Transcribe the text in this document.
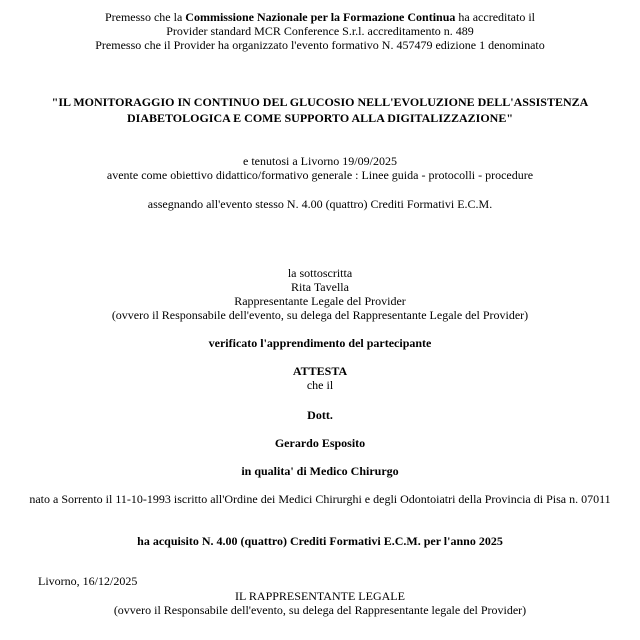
Premesso che la Commissione Nazionale per la Formazione Continua ha accreditato il

Provider standard MCR Conference S.r.l. accreditamento n. 489

Premesso che il Provider ha organizzato l'evento formativo N. 457479 edizione 1 denominato

"IL MONITORAGGIO IN CONTINUO DEL GLUCOSIO NELL'EVOLUZIONE DELL'ASSISTENZA DIABETOLOGICA E COME SUPPORTO ALLA DIGITALIZZAZIONE"

e tenutosi a Livorno 19/09/2025

avente come obiettivo didattico/formativo generale : Linee guida - protocolli - procedure

assegnando all'evento stesso N. 4.00 (quattro) Crediti Formativi E.C.M.

la sottoscritta

Rita Tavella

Rappresentante Legale del Provider

(ovvero il Responsabile dell'evento, su delega del Rappresentante Legale del Provider)

verificato l'apprendimento del partecipante

ATTESTA

che il

Dott.

Gerardo Esposito

in qualita' di Medico Chirurgo

nato a Sorrento il 11-10-1993 iscritto all'Ordine dei Medici Chirurghi e degli Odontoiatri della Provincia di Pisa n. 07011

ha acquisito N. 4.00 (quattro) Crediti Formativi E.C.M. per l'anno 2025

Livorno, 16/12/2025

IL RAPPRESENTANTE LEGALE

(ovvero il Responsabile dell'evento, su delega del Rappresentante legale del Provider)
